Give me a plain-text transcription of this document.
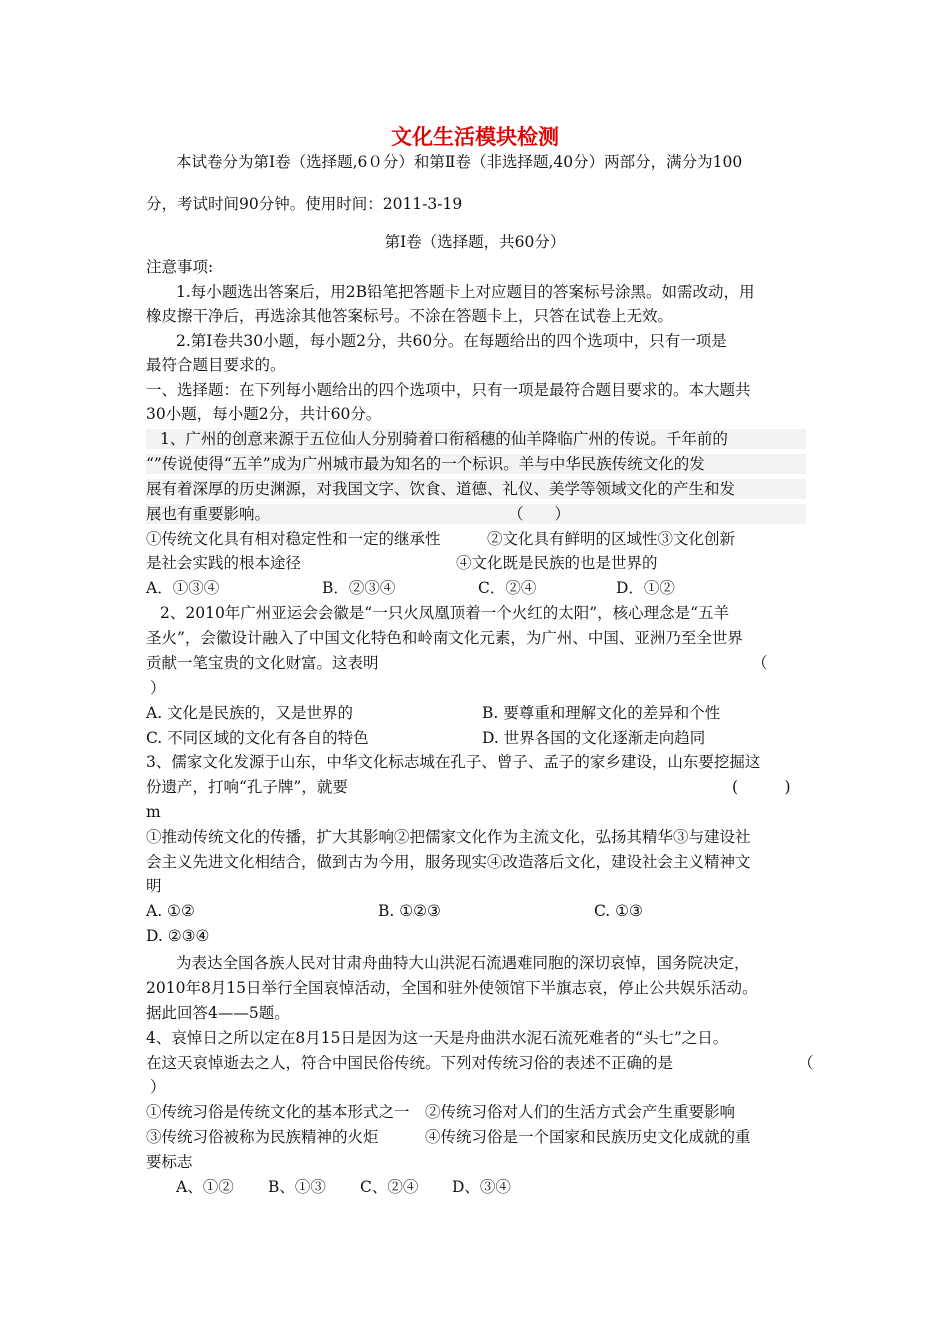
文化生活模块检测
本试卷分为第Ⅰ卷（选择题,6０分）和第Ⅱ卷（非选择题,40分）两部分，满分为100
分，考试时间90分钟。使用时间：2011-3-19
第Ⅰ卷（选择题，共60分）
注意事项:
1.每小题选出答案后，用2B铅笔把答题卡上对应题目的答案标号涂黑。如需改动，用
橡皮擦干净后，再选涂其他答案标号。不涂在答题卡上，只答在试卷上无效。
2.第Ⅰ卷共30小题，每小题2分，共60分。在每题给出的四个选项中，只有一项是
最符合题目要求的。
一、选择题：在下列每小题给出的四个选项中，只有一项是最符合题目要求的。本大题共
30小题，每小题2分，共计60分。
1、广州的创意来源于五位仙人分别骑着口衔稻穗的仙羊降临广州的传说。千年前的
“”传说使得“五羊”成为广州城市最为知名的一个标识。羊与中华民族传统文化的发
展有着深厚的历史渊源，对我国文字、饮食、道德、礼仪、美学等领域文化的产生和发
展也有重要影响。	（　　）
①传统文化具有相对稳定性和一定的继承性　　　②文化具有鲜明的区域性③文化创新
是社会实践的根本途径　　　　　　　　　　④文化既是民族的也是世界的
A．①③④	B．②③④	C．②④	D．①②
2、2010年广州亚运会会徽是“一只火凤凰顶着一个火红的太阳”，核心理念是“五羊
圣火”，会徽设计融入了中国文化特色和岭南文化元素，为广州、中国、亚洲乃至全世界
贡献一笔宝贵的文化财富。这表明	（
）
A. 文化是民族的，又是世界的	B. 要尊重和理解文化的差异和个性
C. 不同区域的文化有各自的特色	D. 世界各国的文化逐渐走向趋同
3、儒家文化发源于山东，中华文化标志城在孔子、曾子、孟子的家乡建设，山东要挖掘这
份遗产，打响“孔子牌”，就要	(　　　)
m
①推动传统文化的传播，扩大其影响②把儒家文化作为主流文化，弘扬其精华③与建设社
会主义先进文化相结合，做到古为今用，服务现实④改造落后文化，建设社会主义精神文
明
A. ①②	B. ①②③	C. ①③
D. ②③④
为表达全国各族人民对甘肃舟曲特大山洪泥石流遇难同胞的深切哀悼，国务院决定，
2010年8月15日举行全国哀悼活动，全国和驻外使领馆下半旗志哀，停止公共娱乐活动。
据此回答4——5题。
4、哀悼日之所以定在8月15日是因为这一天是舟曲洪水泥石流死难者的“头七”之日。
在这天哀悼逝去之人，符合中国民俗传统。下列对传统习俗的表述不正确的是	（
）
①传统习俗是传统文化的基本形式之一　②传统习俗对人们的生活方式会产生重要影响
③传统习俗被称为民族精神的火炬　　　④传统习俗是一个国家和民族历史文化成就的重
要标志
A、①② B、①③ C、②④ D、③④
